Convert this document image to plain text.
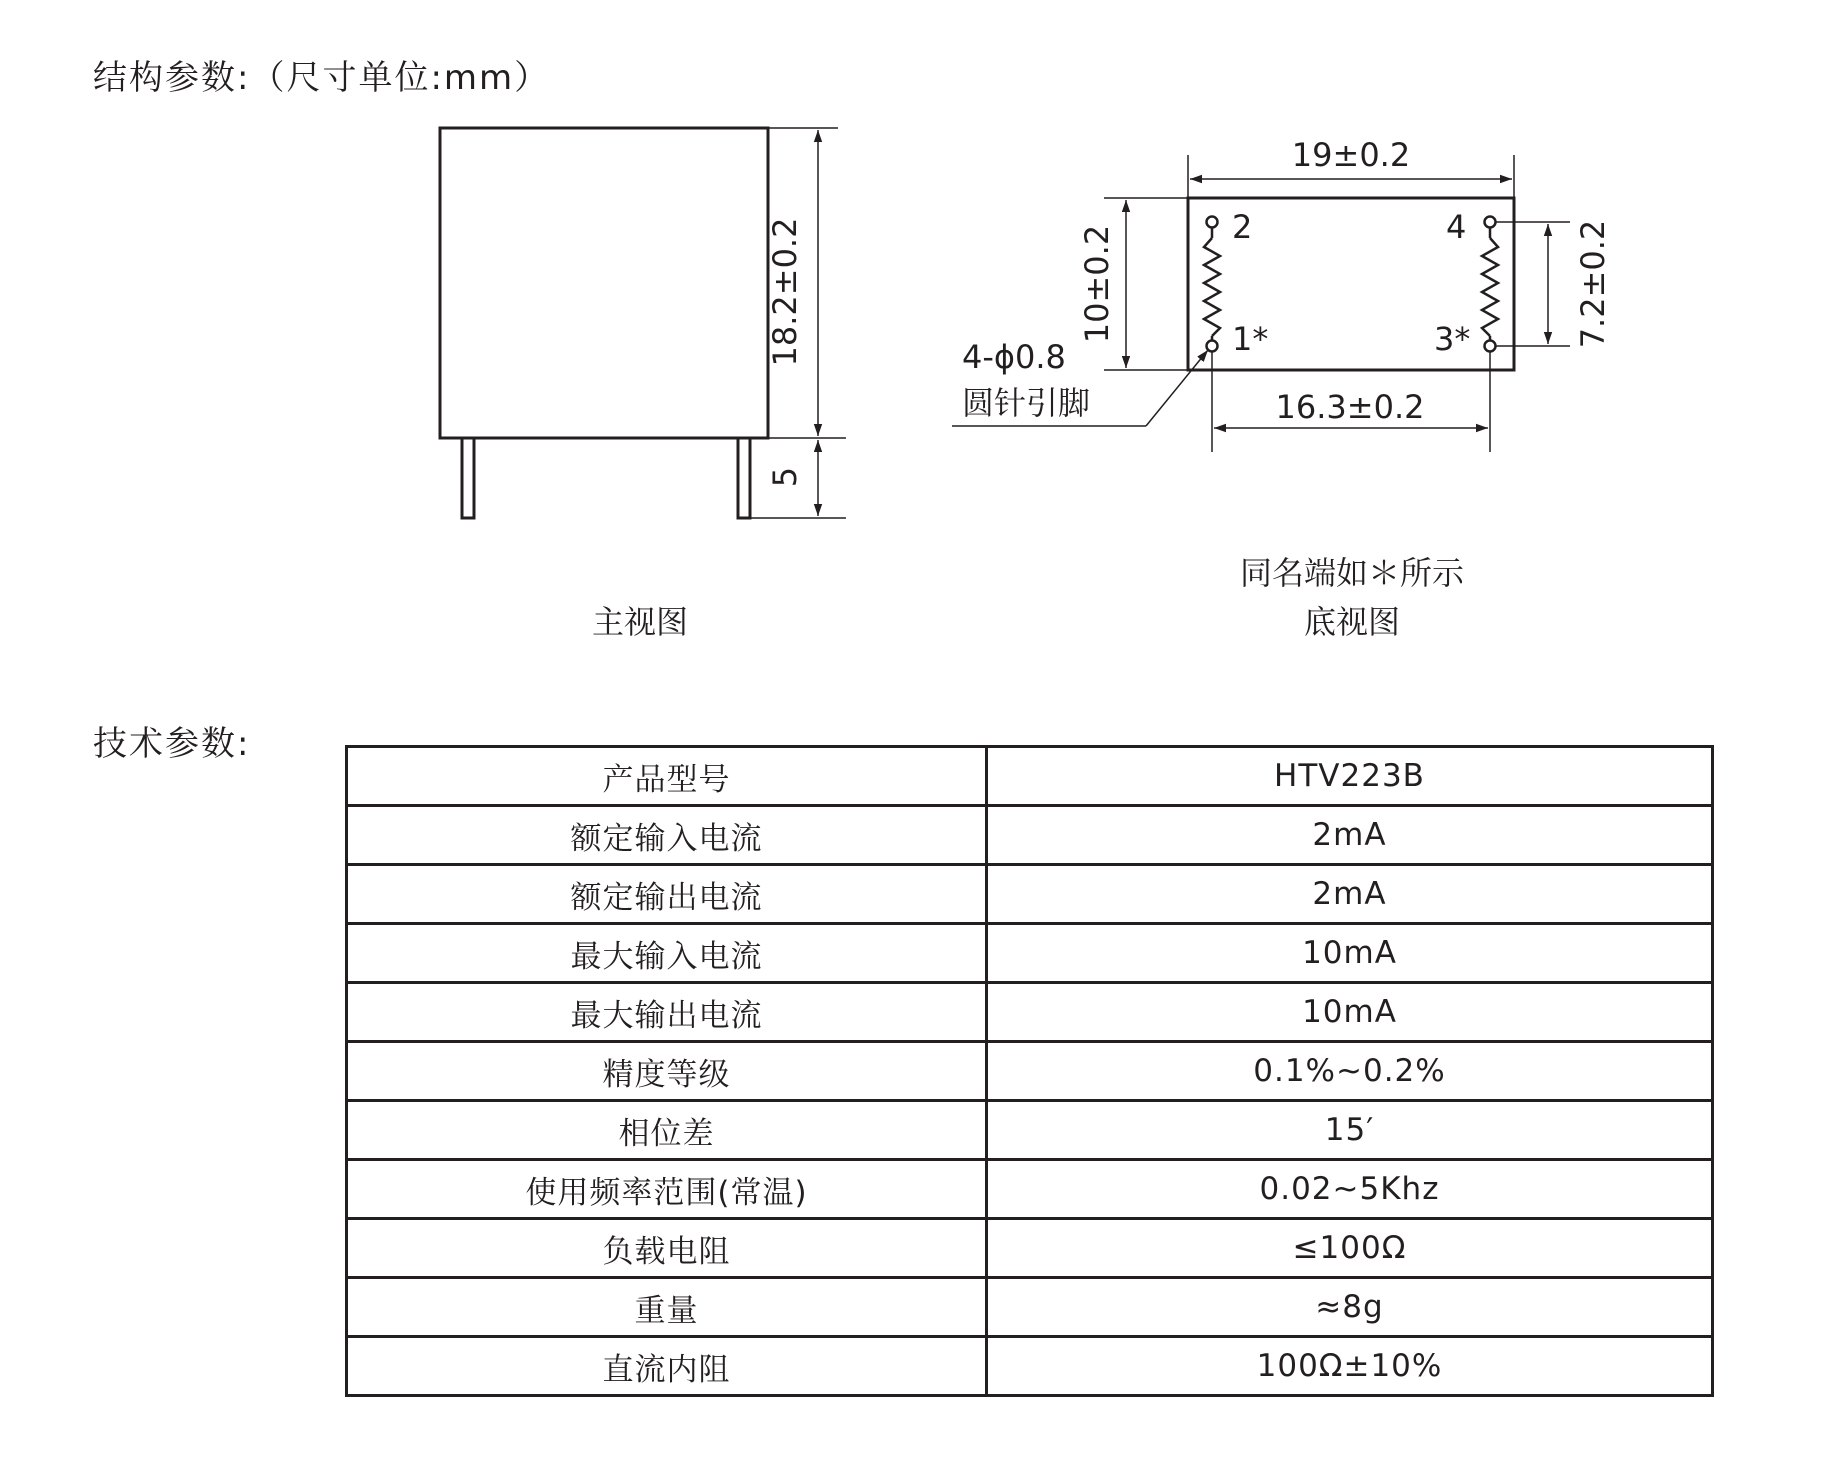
结构参数:（尺寸单位:mm）
18.2±0.2
5
主视图
19±0.2
10±0.2	7.2±0.2
16.3±0.2
2	4
1*	3*
4-ϕ0.8
圆针引脚
同名端如＊所示
底视图
技术参数:
产品型号	HTV223B
额定输入电流	2mA
额定输出电流	2mA
最大输入电流	10mA
最大输出电流	10mA
精度等级	0.1%~0.2%
相位差	15′
使用频率范围(常温)	0.02~5Khz
负载电阻	≤100Ω
重量	≈8g
直流内阻	100Ω±10%
